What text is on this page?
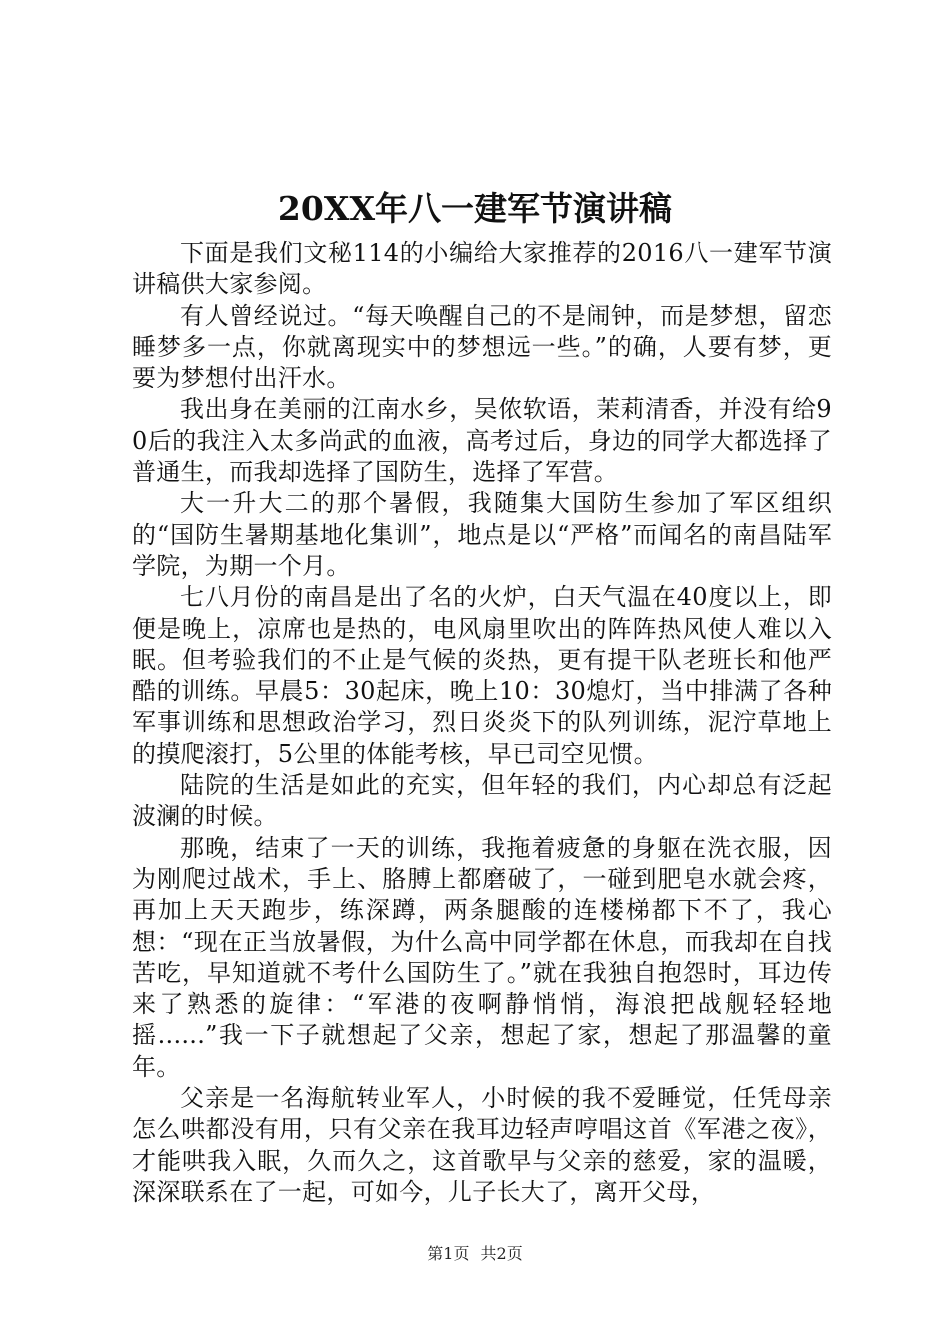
20XX年八一建军节演讲稿

下面是我们文秘114的小编给大家推荐的2016八一建军节演讲稿供大家参阅。

有人曾经说过。“每天唤醒自己的不是闹钟，而是梦想，留恋睡梦多一点，你就离现实中的梦想远一些。”的确，人要有梦，更要为梦想付出汗水。

我出身在美丽的江南水乡，吴侬软语，茉莉清香，并没有给90后的我注入太多尚武的血液，高考过后，身边的同学大都选择了普通生，而我却选择了国防生，选择了军营。

大一升大二的那个暑假，我随集大国防生参加了军区组织的“国防生暑期基地化集训”，地点是以“严格”而闻名的南昌陆军学院，为期一个月。

七八月份的南昌是出了名的火炉，白天气温在40度以上，即便是晚上，凉席也是热的，电风扇里吹出的阵阵热风使人难以入眠。但考验我们的不止是气候的炎热，更有提干队老班长和他严酷的训练。早晨5：30起床，晚上10：30熄灯，当中排满了各种军事训练和思想政治学习，烈日炎炎下的队列训练，泥泞草地上的摸爬滚打，5公里的体能考核，早已司空见惯。

陆院的生活是如此的充实，但年轻的我们，内心却总有泛起波澜的时候。

那晚，结束了一天的训练，我拖着疲惫的身躯在洗衣服，因为刚爬过战术，手上、胳膊上都磨破了，一碰到肥皂水就会疼，再加上天天跑步，练深蹲，两条腿酸的连楼梯都下不了，我心想：“现在正当放暑假，为什么高中同学都在休息，而我却在自找苦吃，早知道就不考什么国防生了。”就在我独自抱怨时，耳边传来了熟悉的旋律：“军港的夜啊静悄悄，海浪把战舰轻轻地摇......”我一下子就想起了父亲，想起了家，想起了那温馨的童年。

父亲是一名海航转业军人，小时候的我不爱睡觉，任凭母亲怎么哄都没有用，只有父亲在我耳边轻声哼唱这首《军港之夜》，才能哄我入眠，久而久之，这首歌早与父亲的慈爱，家的温暖，深深联系在了一起，可如今，儿子长大了，离开父母，

第1页 共2页
